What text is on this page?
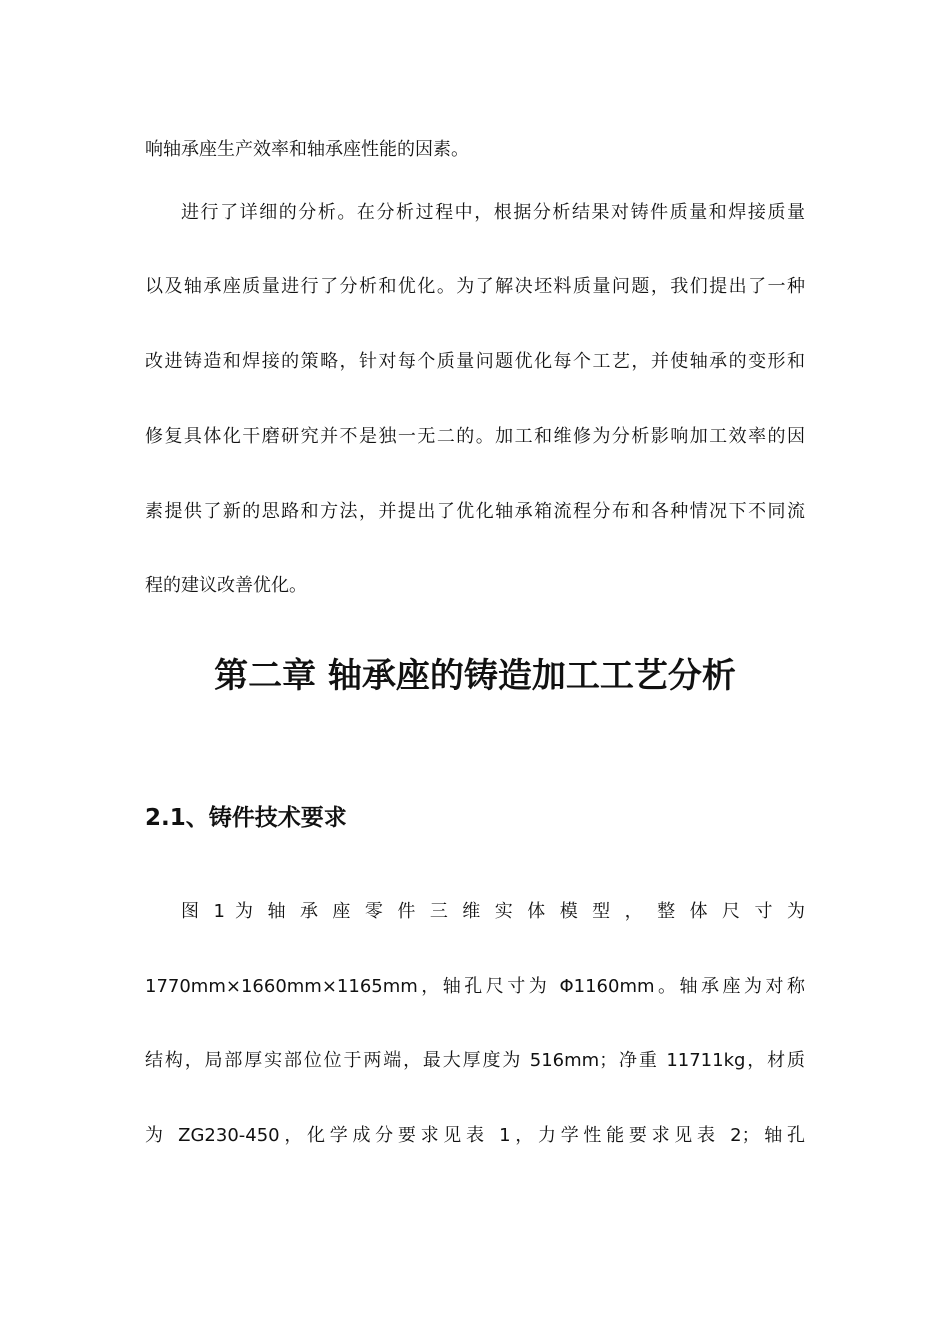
响轴承座生产效率和轴承座性能的因素。
进行了详细的分析。在分析过程中，根据分析结果对铸件质量和焊接质量
以及轴承座质量进行了分析和优化。为了解决坯料质量问题，我们提出了一种
改进铸造和焊接的策略，针对每个质量问题优化每个工艺，并使轴承的变形和
修复具体化干磨研究并不是独一无二的。加工和维修为分析影响加工效率的因
素提供了新的思路和方法，并提出了优化轴承箱流程分布和各种情况下不同流
程的建议改善优化。
第二章 轴承座的铸造加工工艺分析
2.1、铸件技术要求
图 1 为 轴 承 座 零 件 三 维 实 体 模 型 ， 整 体 尺 寸 为
1770mm×1660mm×1165mm，轴孔尺寸为 Φ1160mm。轴承座为对称
结构，局部厚实部位位于两端，最大厚度为 516mm；净重 11711kg，材质
为 ZG230-450，化学成分要求见表 1，力学性能要求见表 2；轴孔
